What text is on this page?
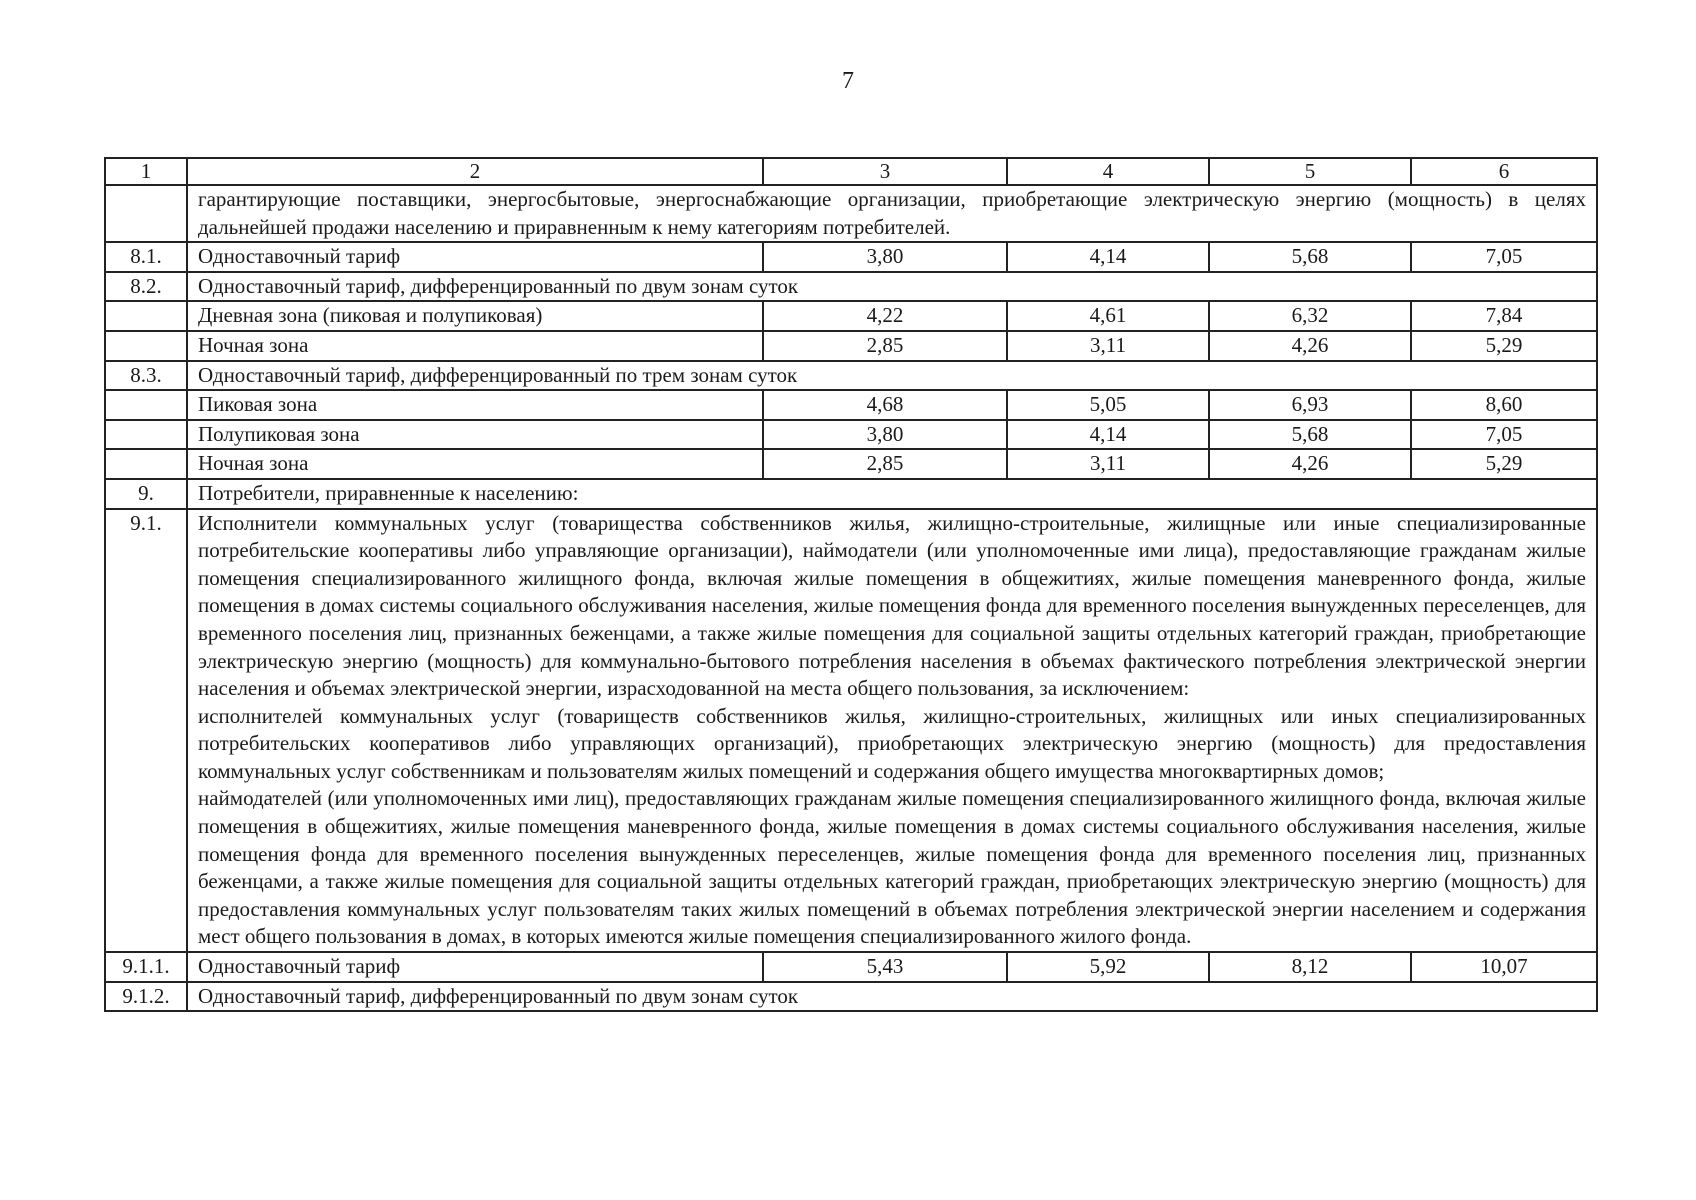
7
1	2	3	4	5	6

	гарантирующие поставщики, энергосбытовые, энергоснабжающие организации, приобретающие электрическую энергию (мощность) в целях дальнейшей продажи населению и приравненным к нему категориям потребителей.				

8.1.	Одноставочный тариф	3,80	4,14	5,68	7,05
8.2.	Одноставочный тариф, дифференцированный по двум зонам суток				

	Дневная зона (пиковая и полупиковая)	4,22	4,61	6,32	7,84
	Ночная зона	2,85	3,11	4,26	5,29
8.3.	Одноставочный тариф, дифференцированный по трем зонам суток				

	Пиковая зона	4,68	5,05	6,93	8,60
	Полупиковая зона	3,80	4,14	5,68	7,05
	Ночная зона	2,85	3,11	4,26	5,29
9.	Потребители, приравненные к населению:				

9.1.	Исполнители коммунальных услуг (товарищества собственников жилья, жилищно-строительные, жилищные или иные специализированные потребительские кооперативы либо управляющие организации), наймодатели (или уполномоченные ими лица), предоставляющие гражданам жилые помещения специализированного жилищного фонда, включая жилые помещения в общежитиях, жилые помещения маневренного фонда, жилые помещения в домах системы социального обслуживания населения, жилые помещения фонда для временного поселения вынужденных переселенцев, для временного поселения лиц, признанных беженцами, а также жилые помещения для социальной защиты отдельных категорий граждан, приобретающие электрическую энергию (мощность) для коммунально-бытового потребления населения в объемах фактического потребления электрической энергии населения и объемах электрической энергии, израсходованной на места общего пользования, за исключением:
исполнителей коммунальных услуг (товариществ собственников жилья, жилищно-строительных, жилищных или иных специализированных потребительских кооперативов либо управляющих организаций), приобретающих электрическую энергию (мощность) для предоставления коммунальных услуг собственникам и пользователям жилых помещений и содержания общего имущества многоквартирных домов;
наймодателей (или уполномоченных ими лиц), предоставляющих гражданам жилые помещения специализированного жилищного фонда, включая жилые помещения в общежитиях, жилые помещения маневренного фонда, жилые помещения в домах системы социального обслуживания населения, жилые помещения фонда для временного поселения вынужденных переселенцев, жилые помещения фонда для временного поселения лиц, признанных беженцами, а также жилые помещения для социальной защиты отдельных категорий граждан, приобретающих электрическую энергию (мощность) для предоставления коммунальных услуг пользователям таких жилых помещений в объемах потребления электрической энергии населением и содержания мест общего пользования в домах, в которых имеются жилые помещения специализированного жилого фонда.				

9.1.1.	Одноставочный тариф	5,43	5,92	8,12	10,07
9.1.2.	Одноставочный тариф, дифференцированный по двум зонам суток				
